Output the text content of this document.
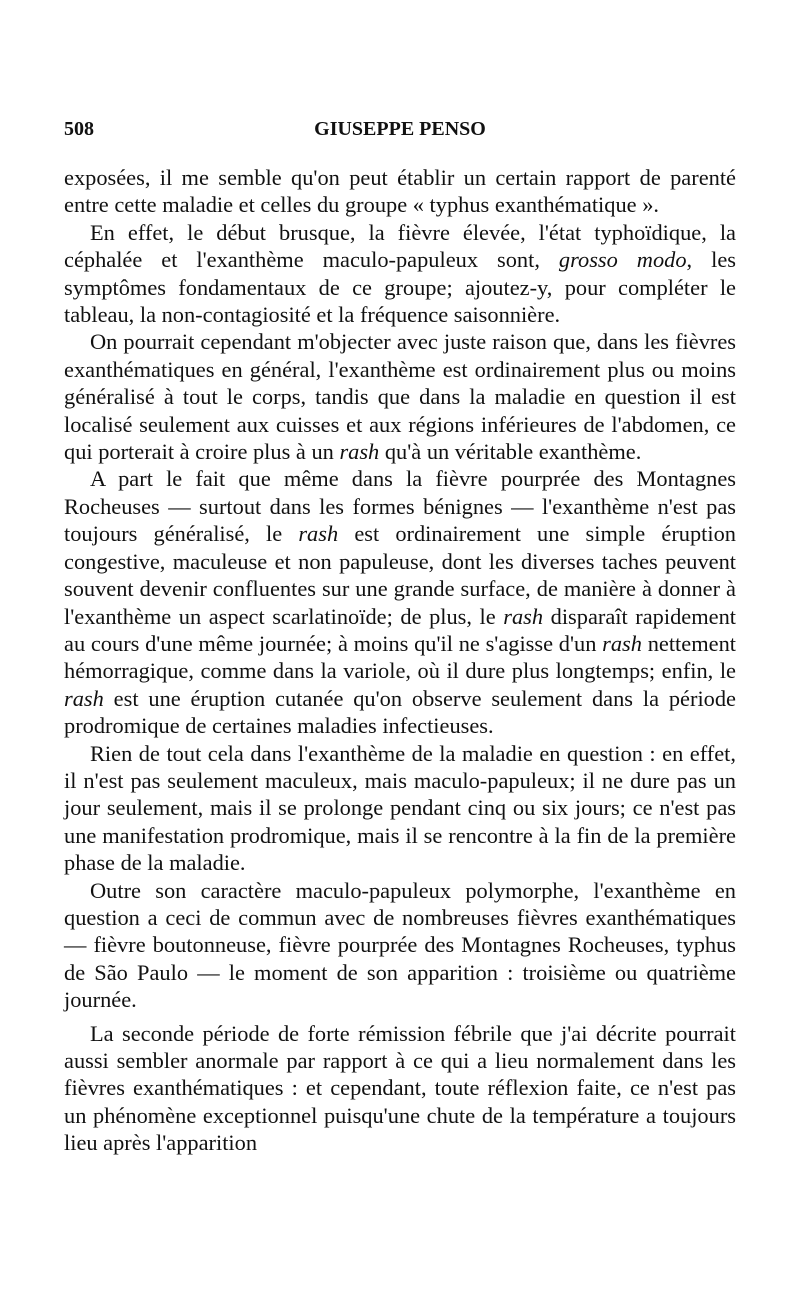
508	GIUSEPPE PENSO

exposées, il me semble qu'on peut établir un certain rapport de parenté entre cette maladie et celles du groupe « typhus exanthématique ».

En effet, le début brusque, la fièvre élevée, l'état typhoïdique, la céphalée et l'exanthème maculo-papuleux sont, grosso modo, les symptômes fondamentaux de ce groupe; ajoutez-y, pour compléter le tableau, la non-contagiosité et la fréquence saisonnière.

On pourrait cependant m'objecter avec juste raison que, dans les fièvres exanthématiques en général, l'exanthème est ordinairement plus ou moins généralisé à tout le corps, tandis que dans la maladie en question il est localisé seulement aux cuisses et aux régions inférieures de l'abdomen, ce qui porterait à croire plus à un rash qu'à un véritable exanthème.

A part le fait que même dans la fièvre pourprée des Montagnes Rocheuses — surtout dans les formes bénignes — l'exanthème n'est pas toujours généralisé, le rash est ordinairement une simple éruption congestive, maculeuse et non papuleuse, dont les diverses taches peuvent souvent devenir confluentes sur une grande surface, de manière à donner à l'exanthème un aspect scarlatinoïde; de plus, le rash disparaît rapidement au cours d'une même journée; à moins qu'il ne s'agisse d'un rash nettement hémorragique, comme dans la variole, où il dure plus longtemps; enfin, le rash est une éruption cutanée qu'on observe seulement dans la période prodromique de certaines maladies infectieuses.

Rien de tout cela dans l'exanthème de la maladie en question : en effet, il n'est pas seulement maculeux, mais maculo-papuleux; il ne dure pas un jour seulement, mais il se prolonge pendant cinq ou six jours; ce n'est pas une manifestation prodromique, mais il se rencontre à la fin de la première phase de la maladie.

Outre son caractère maculo-papuleux polymorphe, l'exanthème en question a ceci de commun avec de nombreuses fièvres exanthématiques — fièvre boutonneuse, fièvre pourprée des Montagnes Rocheuses, typhus de São Paulo — le moment de son apparition : troisième ou quatrième journée.

La seconde période de forte rémission fébrile que j'ai décrite pourrait aussi sembler anormale par rapport à ce qui a lieu normalement dans les fièvres exanthématiques : et cependant, toute réflexion faite, ce n'est pas un phénomène exceptionnel puisqu'une chute de la température a toujours lieu après l'apparition
